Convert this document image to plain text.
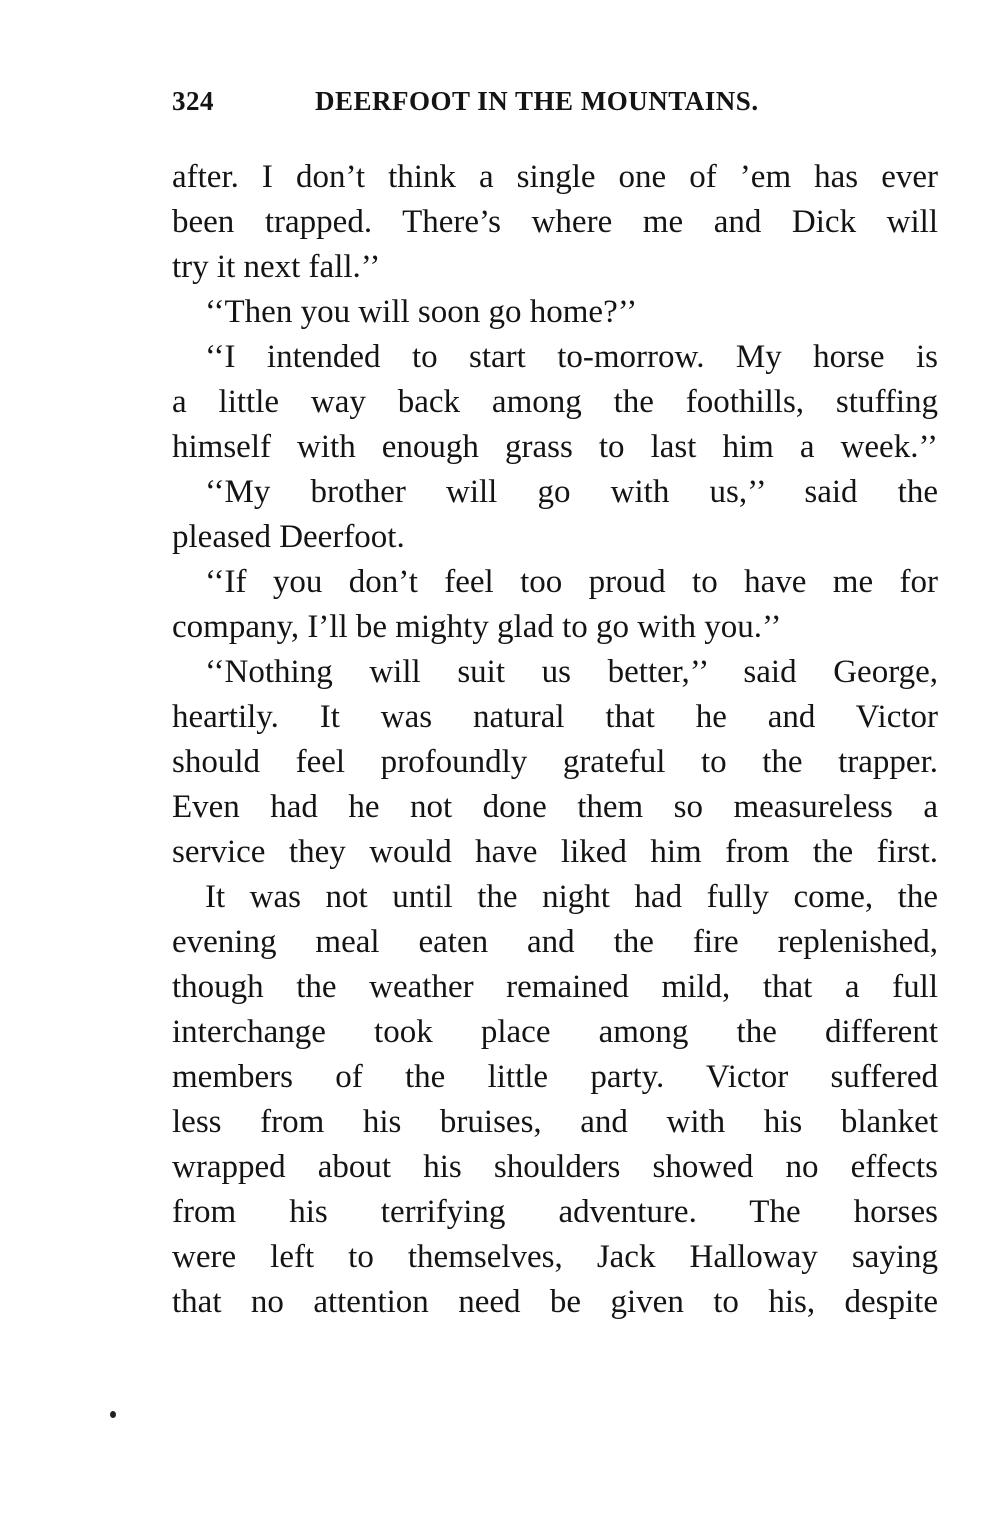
324	DEERFOOT IN THE MOUNTAINS.
after. I don’t think a single one of ’em has ever
been trapped. There’s where me and Dick will
try it next fall.’’
‘‘Then you will soon go home?’’
‘‘I intended to start to-morrow. My horse is
a little way back among the foothills, stuffing
himself with enough grass to last him a week.’’
‘‘My brother will go with us,’’ said the
pleased Deerfoot.
‘‘If you don’t feel too proud to have me for
company, I’ll be mighty glad to go with you.’’
‘‘Nothing will suit us better,’’ said George,
heartily. It was natural that he and Victor
should feel profoundly grateful to the trapper.
Even had he not done them so measureless a
service they would have liked him from the first.
It was not until the night had fully come, the
evening meal eaten and the fire replenished,
though the weather remained mild, that a full
interchange took place among the different
members of the little party. Victor suffered
less from his bruises, and with his blanket
wrapped about his shoulders showed no effects
from his terrifying adventure. The horses
were left to themselves, Jack Halloway saying
that no attention need be given to his, despite
